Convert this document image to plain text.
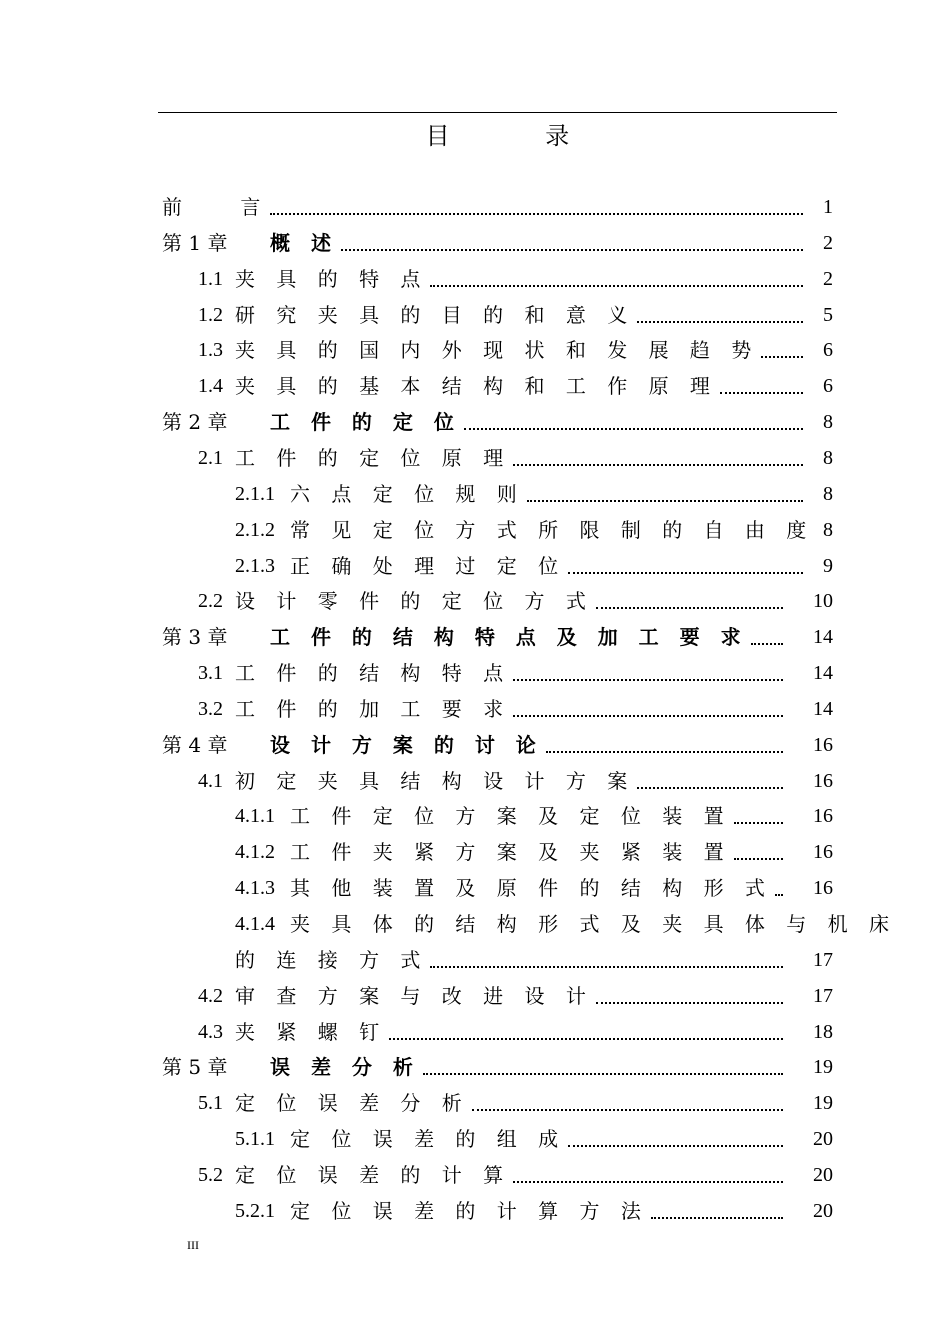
目 录
前 言	1
第 1 章 概 述	2
1.1 夹 具 的 特 点	2
1.2 研 究 夹 具 的 目 的 和 意 义	5
1.3 夹 具 的 国 内 外 现 状 和 发 展 趋 势	6
1.4 夹 具 的 基 本 结 构 和 工 作 原 理	6
第 2 章 工 件 的 定 位	8
2.1 工 件 的 定 位 原 理	8
2.1.1 六 点 定 位 规 则	8
2.1.2 常 见 定 位 方 式 所 限 制 的 自 由 度 8
2.1.3 正 确 处 理 过 定 位	9
2.2 设 计 零 件 的 定 位 方 式	10
第 3 章 工 件 的 结 构 特 点 及 加 工 要 求	14
3.1 工 件 的 结 构 特 点	14
3.2 工 件 的 加 工 要 求	14
第 4 章 设 计 方 案 的 讨 论	16
4.1 初 定 夹 具 结 构 设 计 方 案	16
4.1.1 工 件 定 位 方 案 及 定 位 装 置	16
4.1.2 工 件 夹 紧 方 案 及 夹 紧 装 置	16
4.1.3 其 他 装 置 及 原 件 的 结 构 形 式	16
4.1.4 夹 具 体 的 结 构 形 式 及 夹 具 体 与 机 床
的 连 接 方 式	17
4.2 审 查 方 案 与 改 进 设 计	17
4.3 夹 紧 螺 钉	18
第 5 章 误 差 分 析	19
5.1 定 位 误 差 分 析	19
5.1.1 定 位 误 差 的 组 成	20
5.2 定 位 误 差 的 计 算	20
5.2.1 定 位 误 差 的 计 算 方 法	20
III
